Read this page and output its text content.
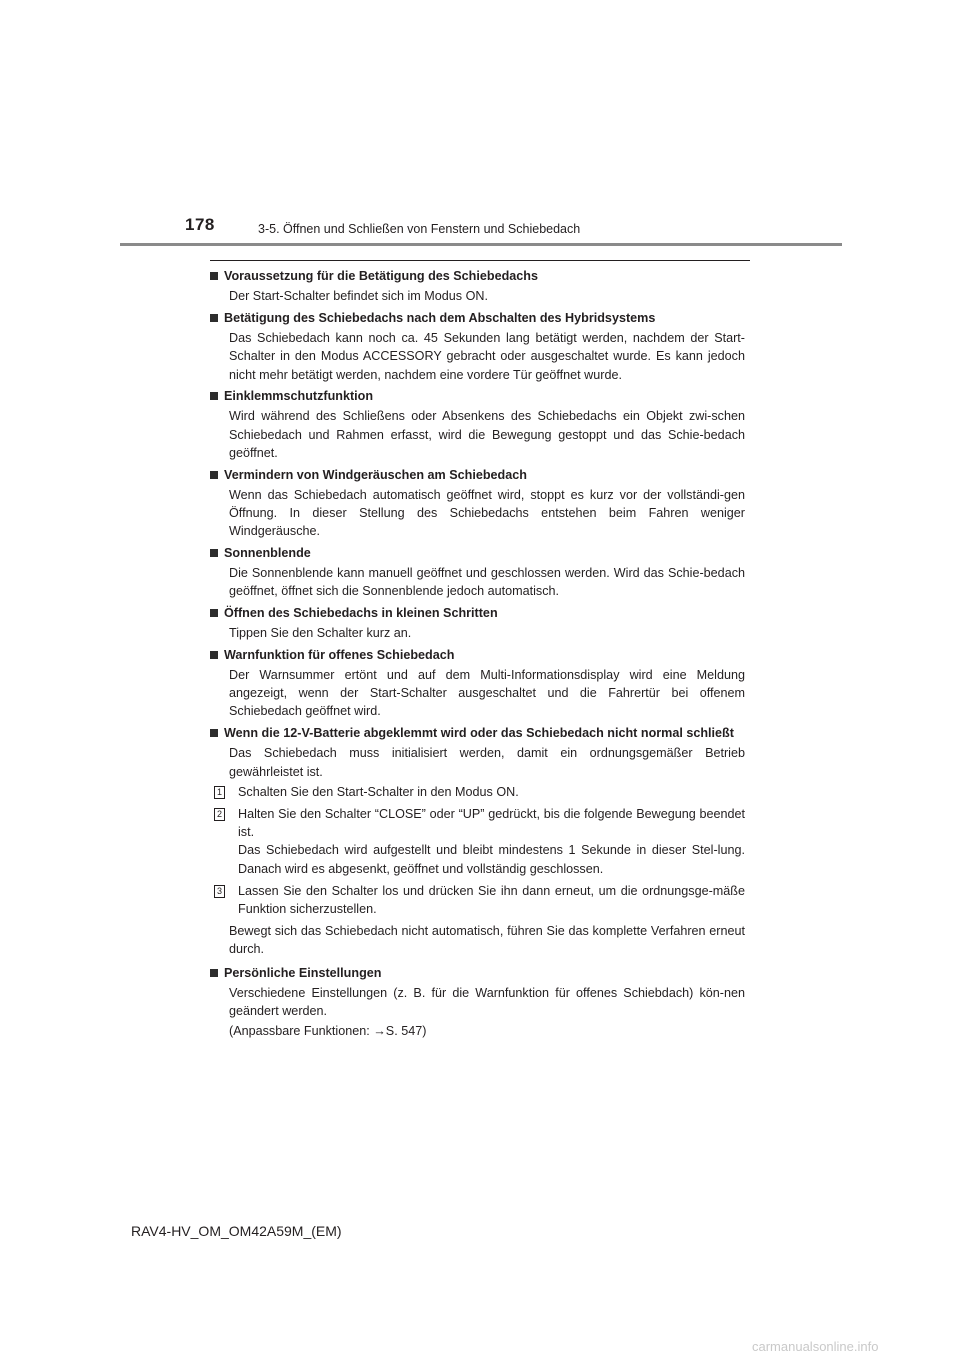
178	3-5. Öffnen und Schließen von Fenstern und Schiebedach
Voraussetzung für die Betätigung des Schiebedachs
Der Start-Schalter befindet sich im Modus ON.
Betätigung des Schiebedachs nach dem Abschalten des Hybridsystems
Das Schiebedach kann noch ca. 45 Sekunden lang betätigt werden, nachdem der Start-Schalter in den Modus ACCESSORY gebracht oder ausgeschaltet wurde. Es kann jedoch nicht mehr betätigt werden, nachdem eine vordere Tür geöffnet wurde.
Einklemmschutzfunktion
Wird während des Schließens oder Absenkens des Schiebedachs ein Objekt zwi-schen Schiebedach und Rahmen erfasst, wird die Bewegung gestoppt und das Schie-bedach geöffnet.
Vermindern von Windgeräuschen am Schiebedach
Wenn das Schiebedach automatisch geöffnet wird, stoppt es kurz vor der vollständi-gen Öffnung. In dieser Stellung des Schiebedachs entstehen beim Fahren weniger Windgeräusche.
Sonnenblende
Die Sonnenblende kann manuell geöffnet und geschlossen werden. Wird das Schie-bedach geöffnet, öffnet sich die Sonnenblende jedoch automatisch.
Öffnen des Schiebedachs in kleinen Schritten
Tippen Sie den Schalter kurz an.
Warnfunktion für offenes Schiebedach
Der Warnsummer ertönt und auf dem Multi-Informationsdisplay wird eine Meldung angezeigt, wenn der Start-Schalter ausgeschaltet und die Fahrertür bei offenem Schiebedach geöffnet wird.
Wenn die 12-V-Batterie abgeklemmt wird oder das Schiebedach nicht normal schließt
Das Schiebedach muss initialisiert werden, damit ein ordnungsgemäßer Betrieb gewährleistet ist.
1 Schalten Sie den Start-Schalter in den Modus ON.
2 Halten Sie den Schalter “CLOSE” oder “UP” gedrückt, bis die folgende Bewegung beendet ist.
Das Schiebedach wird aufgestellt und bleibt mindestens 1 Sekunde in dieser Stel-lung. Danach wird es abgesenkt, geöffnet und vollständig geschlossen.
3 Lassen Sie den Schalter los und drücken Sie ihn dann erneut, um die ordnungsge-mäße Funktion sicherzustellen.
Bewegt sich das Schiebedach nicht automatisch, führen Sie das komplette Verfahren erneut durch.
Persönliche Einstellungen
Verschiedene Einstellungen (z. B. für die Warnfunktion für offenes Schiebdach) kön-nen geändert werden.
(Anpassbare Funktionen: →S. 547)
RAV4-HV_OM_OM42A59M_(EM)
carmanualsonline.info
